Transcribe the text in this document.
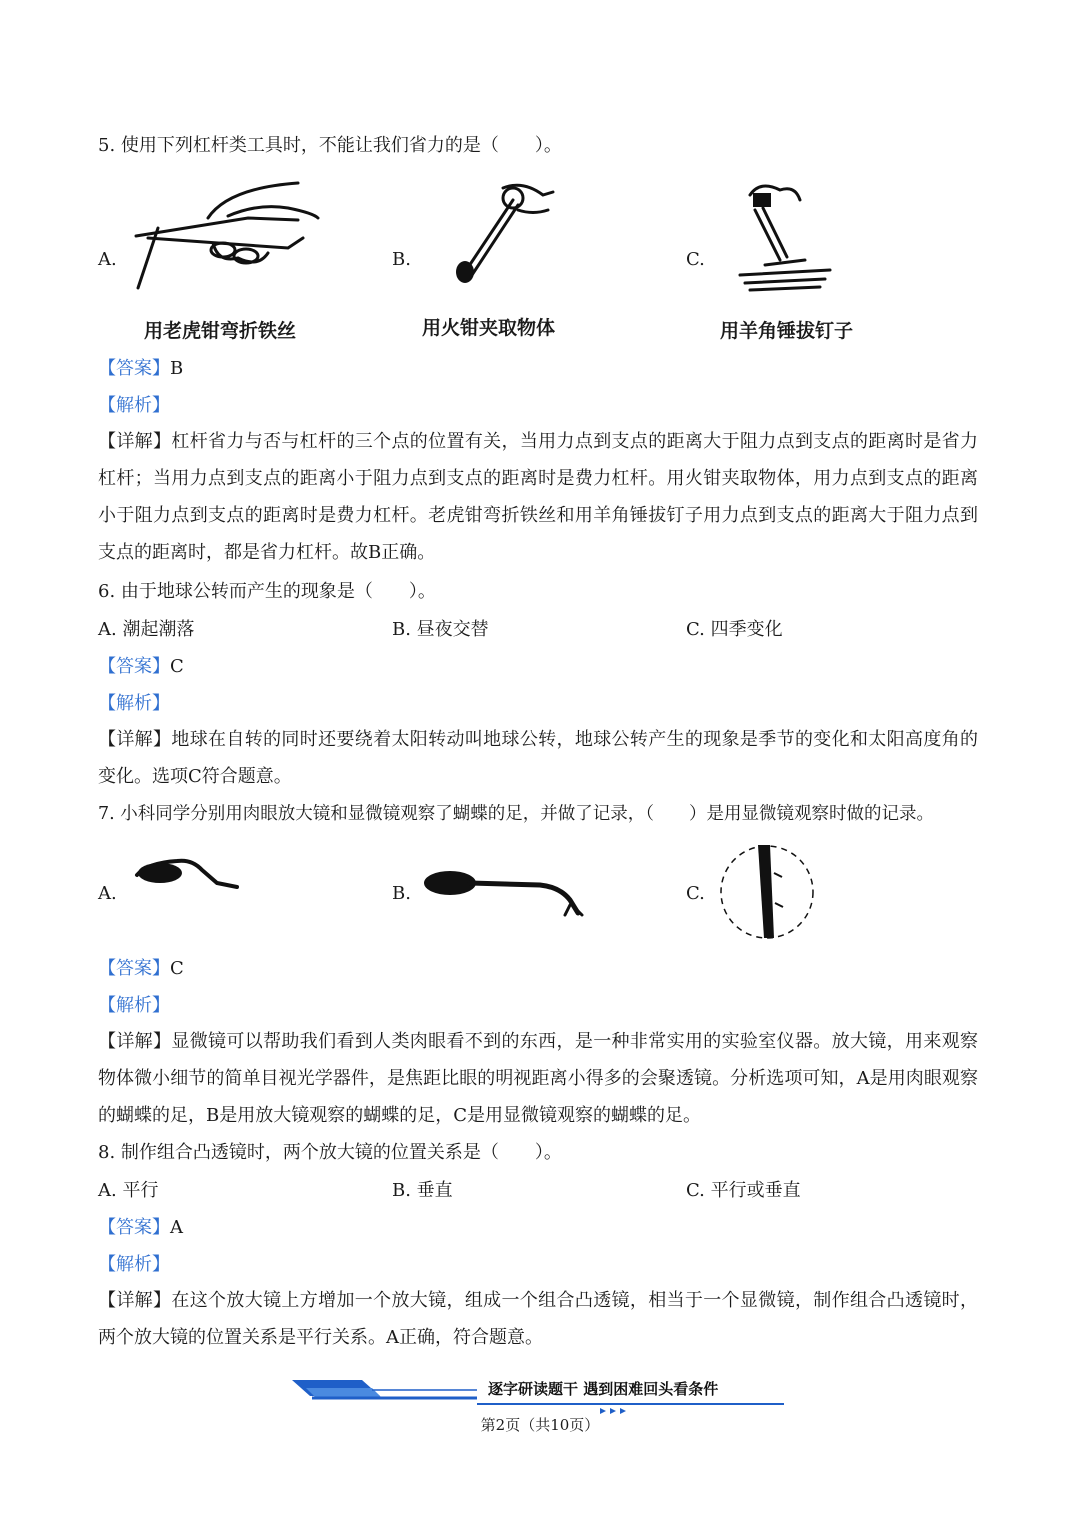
5. 使用下列杠杆类工具时，不能让我们省力的是（　　）。
A.
用老虎钳弯折铁丝
B.
用火钳夹取物体
C.
用羊角锤拔钉子
【答案】B
【解析】
【详解】杠杆省力与否与杠杆的三个点的位置有关，当用力点到支点的距离大于阻力点到支点的距离时是省力杠杆；当用力点到支点的距离小于阻力点到支点的距离时是费力杠杆。用火钳夹取物体，用力点到支点的距离小于阻力点到支点的距离时是费力杠杆。老虎钳弯折铁丝和用羊角锤拔钉子用力点到支点的距离大于阻力点到支点的距离时，都是省力杠杆。故B正确。
6. 由于地球公转而产生的现象是（　　）。
A. 潮起潮落	B. 昼夜交替	C. 四季变化
【答案】C
【解析】
【详解】地球在自转的同时还要绕着太阳转动叫地球公转，地球公转产生的现象是季节的变化和太阳高度角的变化。选项C符合题意。
7. 小科同学分别用肉眼放大镜和显微镜观察了蝴蝶的足，并做了记录，（　　）是用显微镜观察时做的记录。
A.	B.	C.
【答案】C
【解析】
【详解】显微镜可以帮助我们看到人类肉眼看不到的东西，是一种非常实用的实验室仪器。放大镜，用来观察物体微小细节的简单目视光学器件，是焦距比眼的明视距离小得多的会聚透镜。分析选项可知，A是用肉眼观察的蝴蝶的足，B是用放大镜观察的蝴蝶的足，C是用显微镜观察的蝴蝶的足。
8. 制作组合凸透镜时，两个放大镜的位置关系是（　　）。
A. 平行	B. 垂直	C. 平行或垂直
【答案】A
【解析】
【详解】在这个放大镜上方增加一个放大镜，组成一个组合凸透镜，相当于一个显微镜，制作组合凸透镜时，两个放大镜的位置关系是平行关系。A正确，符合题意。
逐字研读题干 遇到困难回头看条件
第2页（共10页）
